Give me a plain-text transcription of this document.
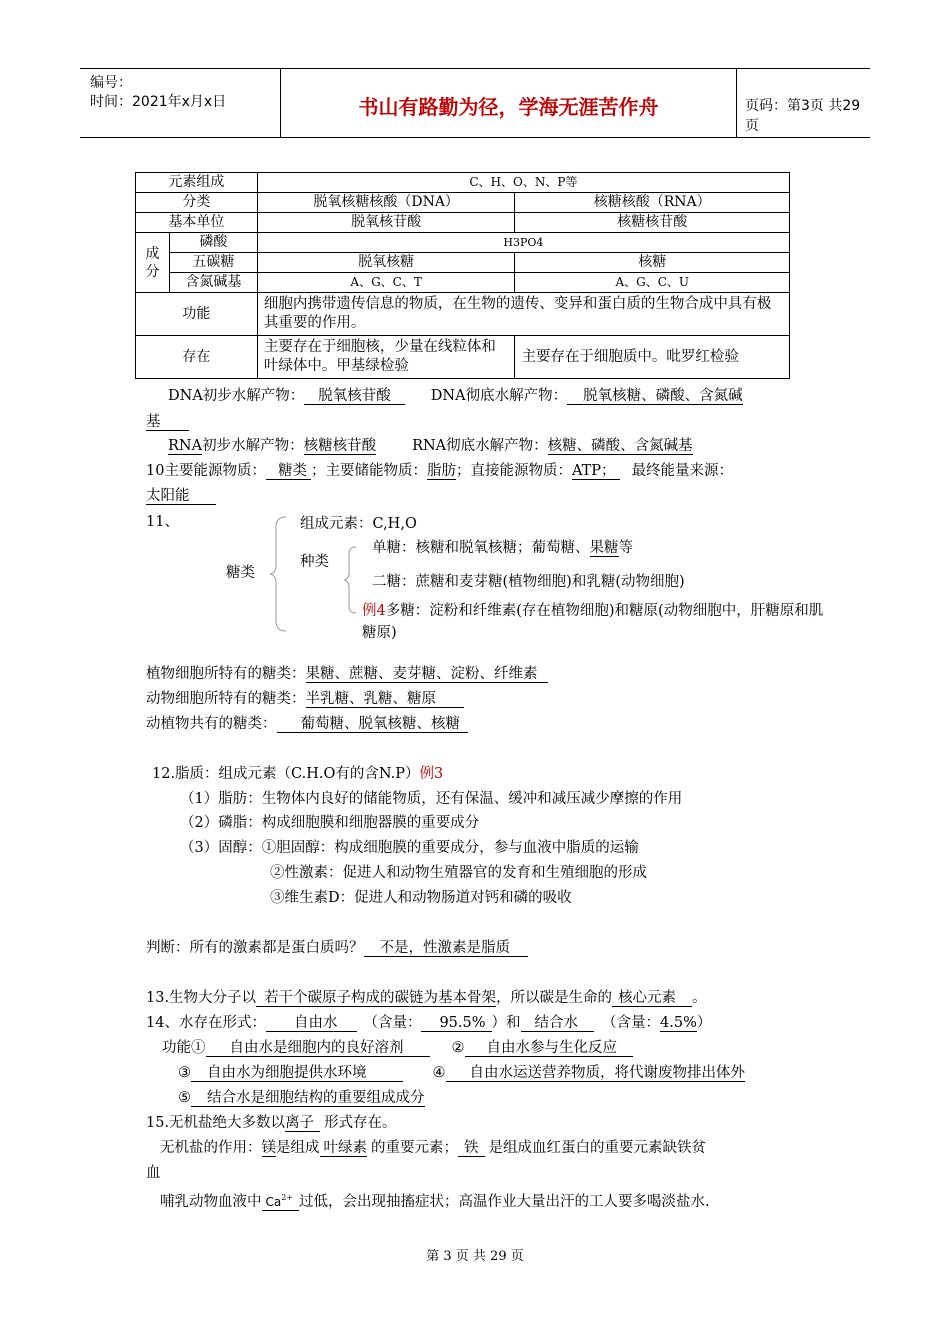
编号：
时间：2021年x月x日	书山有路勤为径，学海无涯苦作舟	页码：第3页 共29页
元素组成		C、H、O、N、P等	
分类		脱氧核糖核酸（DNA）	核糖核酸（RNA）
基本单位		脱氧核苷酸	核糖核苷酸
成分	磷酸	H3PO4	
	五碳糖	脱氧核糖	核糖
	含氮碱基	A、G、C、T	A、G、C、U
功能		细胞内携带遗传信息的物质，在生物的遗传、变异和蛋白质的生物合成中具有极其重要的作用。	
存在		主要存在于细胞核，少量在线粒体和叶绿体中。甲基绿检验	主要存在于细胞质中。吡罗红检验
DNA初步水解产物： 脱氧核苷酸	DNA彻底水解产物： 脱氧核糖、磷酸、含氮碱
基
RNA初步水解产物：核糖核苷酸 RNA彻底水解产物：核糖、磷酸、含氮碱基
10主要能源物质： 糖类 ；主要储能物质：脂肪；直接能源物质：ATP； 最终能量来源：
太阳能
11、
糖类
组成元素：C,H,O
种类
单糖：核糖和脱氧核糖；葡萄糖、果糖等
二糖：蔗糖和麦芽糖(植物细胞)和乳糖(动物细胞)
例4多糖：淀粉和纤维素(存在植物细胞)和糖原(动物细胞中，肝糖原和肌
糖原)
植物细胞所特有的糖类：果糖、蔗糖、麦芽糖、淀粉、纤维素
动物细胞所特有的糖类：半乳糖、乳糖、糖原
动植物共有的糖类： 葡萄糖、脱氧核糖、核糖
12.脂质：组成元素（C.H.O有的含N.P）例3
（1）脂肪：生物体内良好的储能物质，还有保温、缓冲和减压减少摩擦的作用
（2）磷脂：构成细胞膜和细胞器膜的重要成分
（3）固醇：①胆固醇：构成细胞膜的重要成分，参与血液中脂质的运输
②性激素：促进人和动物生殖器官的发育和生殖细胞的形成
③维生素D：促进人和动物肠道对钙和磷的吸收
判断：所有的激素都是蛋白质吗？ 不是，性激素是脂质
13.生物大分子以 若干个碳原子构成的碳链为基本骨架，所以碳是生命的 核心元素 。
14、水存在形式： 自由水 （含量： 95.5% ）和 结合水 （含量：4.5%）
功能① 自由水是细胞内的良好溶剂	② 自由水参与生化反应
③ 自由水为细胞提供水环境	④ 自由水运送营养物质，将代谢废物排出体外
⑤ 结合水是细胞结构的重要组成成分
15.无机盐绝大多数以离子 形式存在。
无机盐的作用：镁是组成 叶绿素 的重要元素； 铁 是组成血红蛋白的重要元素缺铁贫
血
哺乳动物血液中 $Ca^{2+}$ 过低，会出现抽搐症状；高温作业大量出汗的工人要多喝淡盐水.
第 3 页 共 29 页
